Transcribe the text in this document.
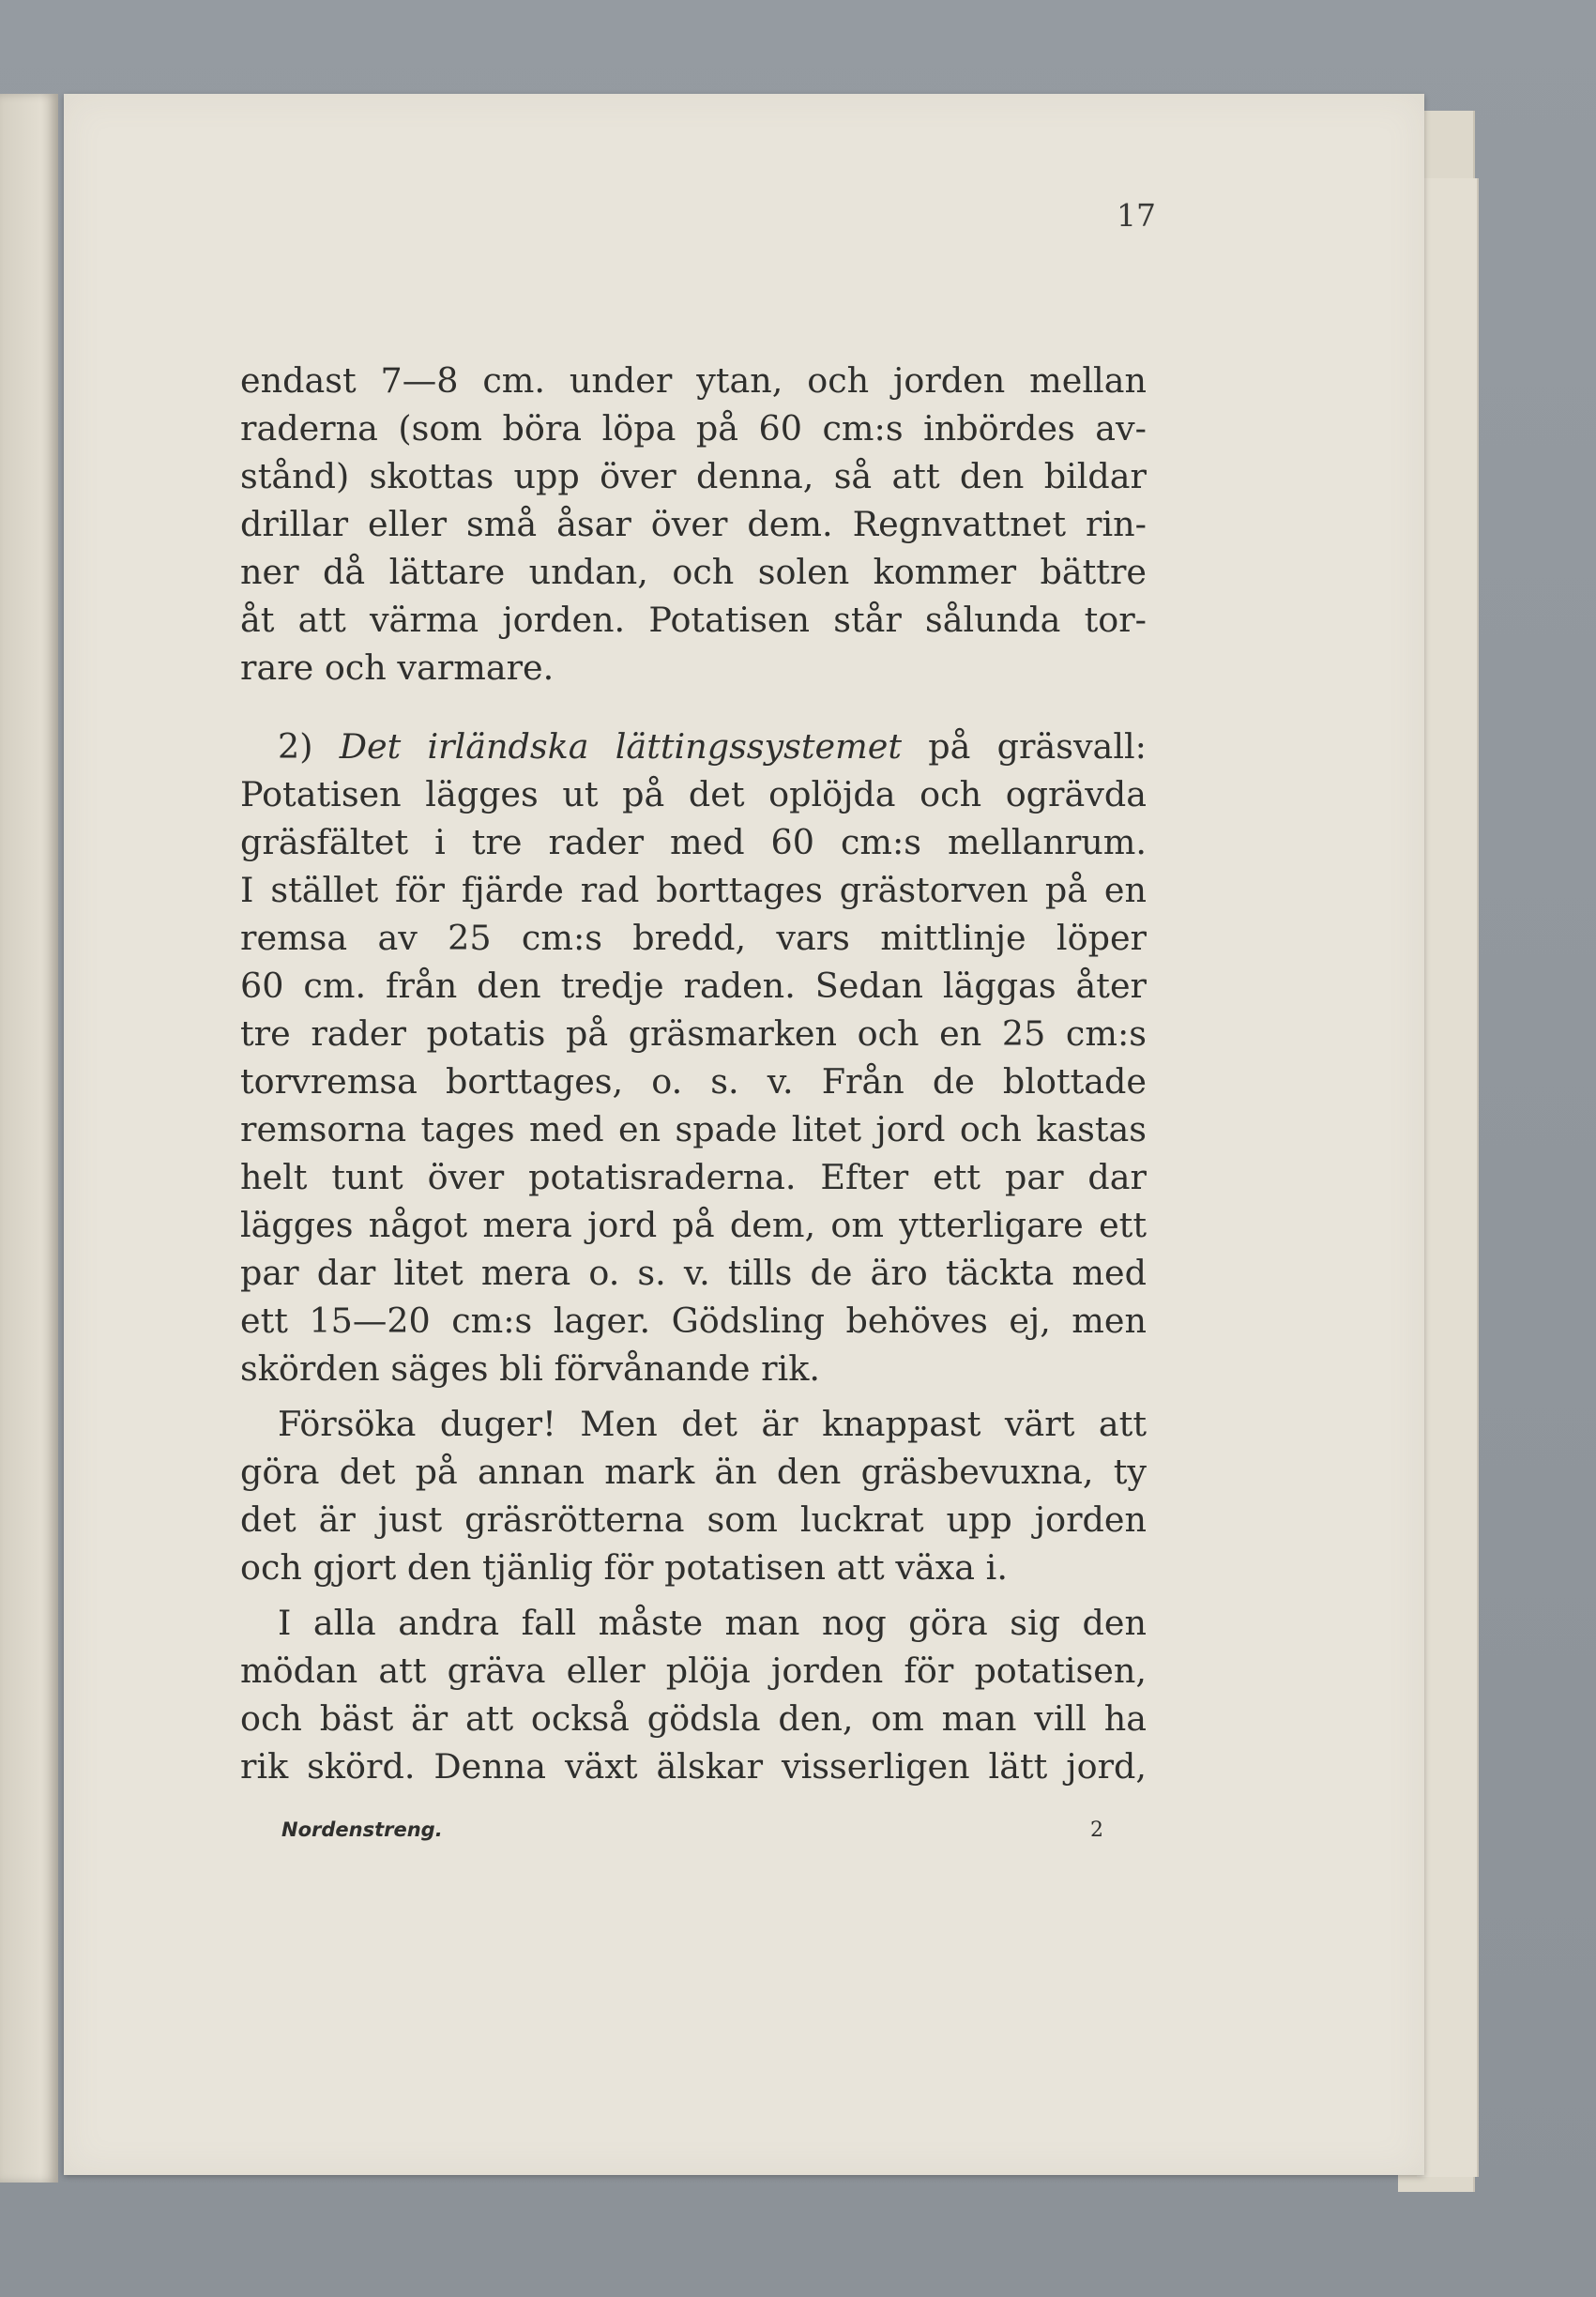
17
endast 7—8 cm. under ytan, och jorden mellan
raderna (som böra löpa på 60 cm:s inbördes av-
stånd) skottas upp över denna, så att den bildar
drillar eller små åsar över dem. Regnvattnet rin-
ner då lättare undan, och solen kommer bättre
åt att värma jorden. Potatisen står sålunda tor-
rare och varmare.
2) Det irländska lättingssystemet på gräsvall:
Potatisen lägges ut på det oplöjda och ogrävda
gräsfältet i tre rader med 60 cm:s mellanrum.
I stället för fjärde rad borttages grästorven på en
remsa av 25 cm:s bredd, vars mittlinje löper
60 cm. från den tredje raden. Sedan läggas åter
tre rader potatis på gräsmarken och en 25 cm:s
torvremsa borttages, o. s. v. Från de blottade
remsorna tages med en spade litet jord och kastas
helt tunt över potatisraderna. Efter ett par dar
lägges något mera jord på dem, om ytterligare ett
par dar litet mera o. s. v. tills de äro täckta med
ett 15—20 cm:s lager. Gödsling behöves ej, men
skörden säges bli förvånande rik.
Försöka duger! Men det är knappast värt att
göra det på annan mark än den gräsbevuxna, ty
det är just gräsrötterna som luckrat upp jorden
och gjort den tjänlig för potatisen att växa i.
I alla andra fall måste man nog göra sig den
mödan att gräva eller plöja jorden för potatisen,
och bäst är att också gödsla den, om man vill ha
rik skörd. Denna växt älskar visserligen lätt jord,
Nordenstreng.	2
